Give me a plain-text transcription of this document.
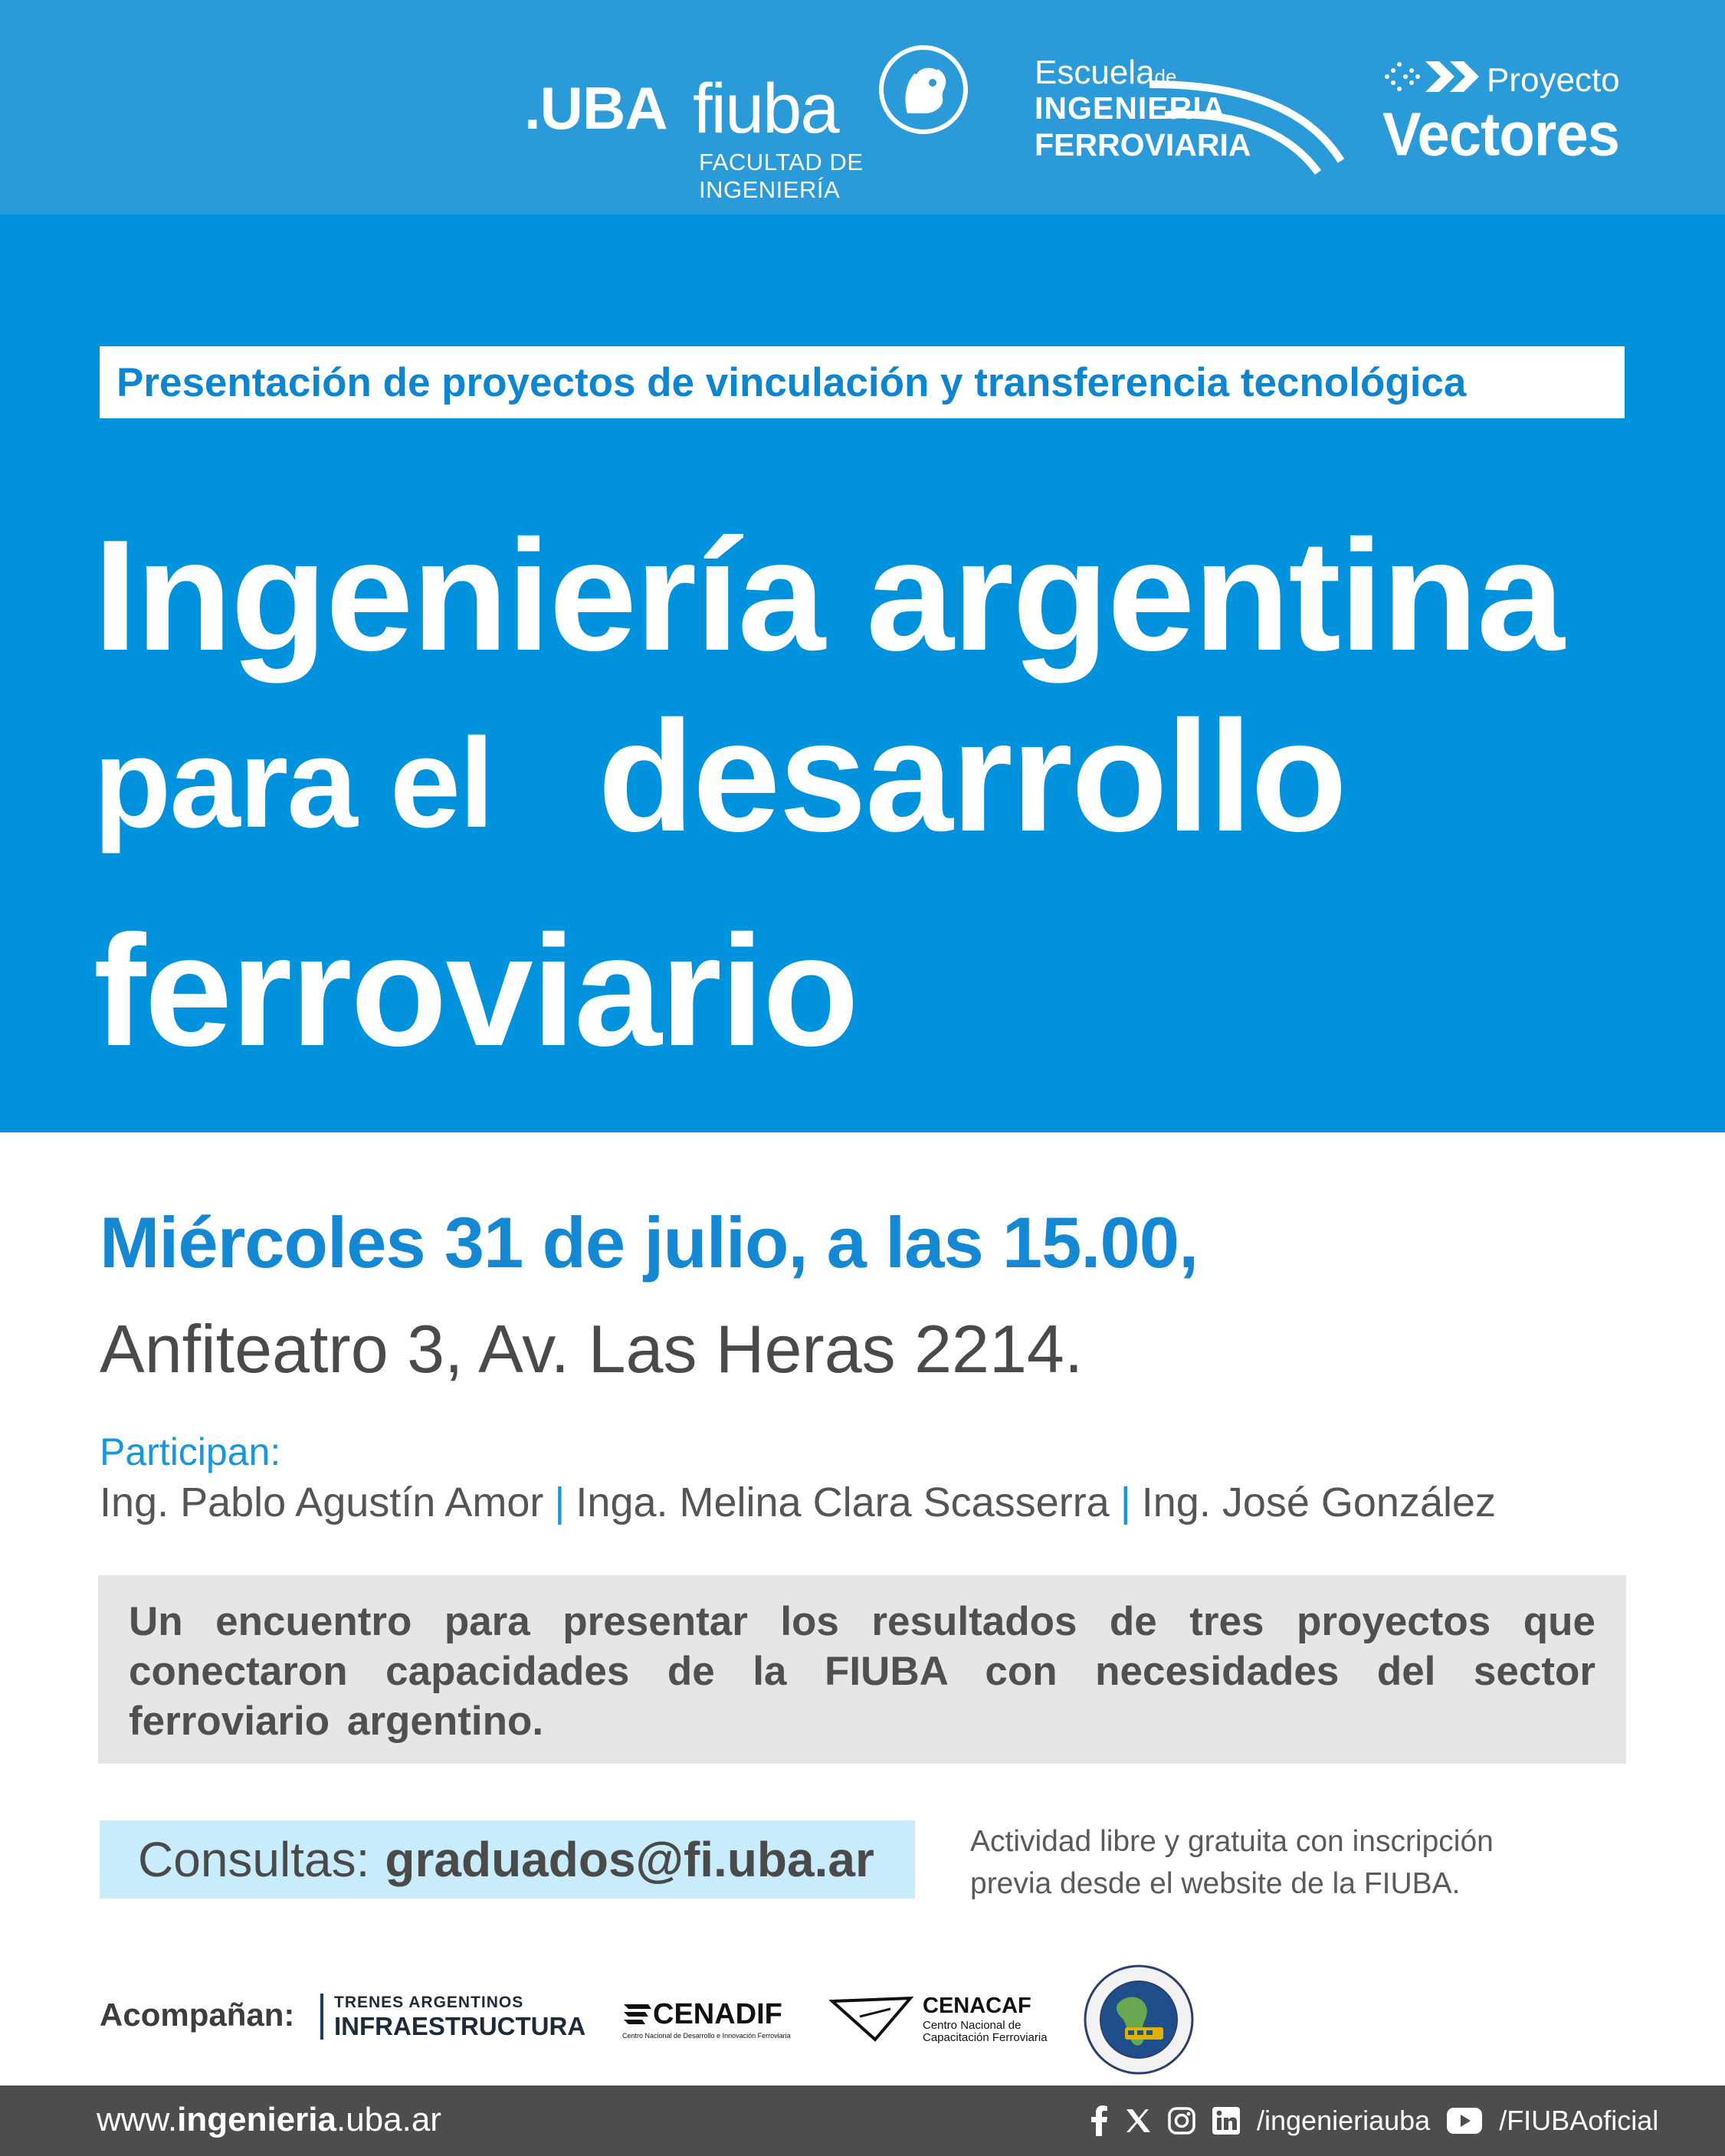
.UBA fiuba
FACULTAD DE INGENIERÍA
Escuelade
INGENIERIA
FERROVIARIA
Proyecto
Vectores
Presentación de proyectos de vinculación y transferencia tecnológica
Ingeniería argentina
para el desarrollo
ferroviario
Miércoles 31 de julio, a las 15.00,
Anfiteatro 3, Av. Las Heras 2214.
Participan:
Ing. Pablo Agustín Amor | Inga. Melina Clara Scasserra | Ing. José González

Un encuentro para presentar los resultados de tres proyectos que conectaron capacidades de la FIUBA con necesidades del sector ferroviario argentino.

Consultas: graduados@fi.uba.ar	Actividad libre y gratuita con inscripción previa desde el website de la FIUBA.
Acompañan: TRENES ARGENTINOS
INFRAESTRUCTURA CENADIF
Centro Nacional de Desarrollo e Innovación Ferroviaria
CENACAF
Centro Nacional de
Capacitación Ferroviaria
www.ingenieria.uba.ar	/ingenieriauba	/FIUBAoficial
